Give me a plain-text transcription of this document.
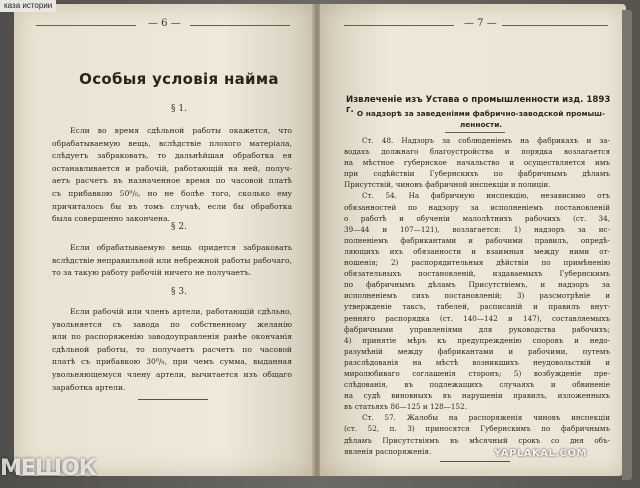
каза истории
— 6 —
Особыя условія найма
§ 1.
Если во время сдѣльной работы окажется, что
обрабатываемую вещь, вслѣдствіе плохого матеріала,
слѣдуетъ забраковать, то дальнѣйшая обработка ея
останавливается и рабочій, работающій на ней, получ-
аетъ расчетъ въ назначенное время по часовой платѣ
съ прибавкою 50⁰/₀, но не болѣе того, сколько ему
причиталось бы въ томъ случаѣ, если бы обработка
была совершенно закончена.
§ 2.
Если обрабатываемую вещь придется забраковать
вслѣдствіе неправильной или небрежной работы рабочаго,
то за такую работу рабочій ничего не получаетъ.
§ 3.
Если рабочій или членъ артели, работающій сдѣльно,
увольняется съ завода по собственному желанію
или по распоряженію заводоуправленія ранѣе окончанія
сдѣльной работы, то получаетъ расчетъ по часовой
платѣ съ прибавкою 30⁰/₀, при чемъ сумма, выданная
увольняющемуся члену артели, вычитается изъ общаго
заработка артели.
— 7 —
Извлеченіе изъ Устава о промышленности изд. 1893 г. О надзорѣ за заведеніями фабрично-заводской промыш-
ленности.
Ст. 48. Надзоръ за соблюденіемъ на фабрикахъ и за-
водахъ должнаго благоустройства и порядка возлагается
на мѣстное губернское начальство и осуществляется имъ
при содѣйствіи Губернскихъ по фабричнымъ дѣламъ
Присутствій, чиновъ фабричной инспекціи и полиціи.
Ст. 54. На фабричную инспекцію, независимо отъ
обязанностей по надзору за исполненіемъ постановленій
о работѣ и обученіи малолѣтнихъ рабочихъ (ст. 34,
39—44 и 107—121), возлагается: 1) надзоръ за ис-
полненіемъ фабрикантами и рабочими правилъ, опредѣ-
ляющихъ ихъ обязанности и взаимныя между ними от-
ношенія; 2) распорядительныя дѣйствія по примѣненію
обязательныхъ постановленій, издаваемыхъ Губернскимъ
по фабричнымъ дѣламъ Присутствіемъ, и надзоръ за
исполненіемъ сихъ постановленій; 3) разсмотрѣніе и
утвержденіе таксъ, табелей, расписаній и правилъ внут-
ренняго распорядка (ст. 140—142 и 147), составляемыхъ
фабричными управленіями для руководства рабочихъ;
4) принятіе мѣръ къ предупрежденію споровъ и недо-
разумѣній между фабрикантами и рабочими, путемъ
разслѣдованія на мѣстѣ возникшихъ неудовольствій и
миролюбиваго соглашенія сторонъ; 5) возбужденіе пре-
слѣдованія, въ подлежащихъ случаяхъ и обвиненіе
на судѣ виновныхъ въ нарушеніи правилъ, изложенныхъ
въ статьяхъ 86—125 и 128—152.
Ст. 57. Жалобы на распоряженія чиновъ инспекціи
(ст. 52, п. 3) приносятся Губернскимъ по фабричнымъ
дѣламъ Присутствіямъ въ мѣсячный срокъ со дня объ-
явленія распоряженія.	YAPLAKAL.COM
МЕШОК
